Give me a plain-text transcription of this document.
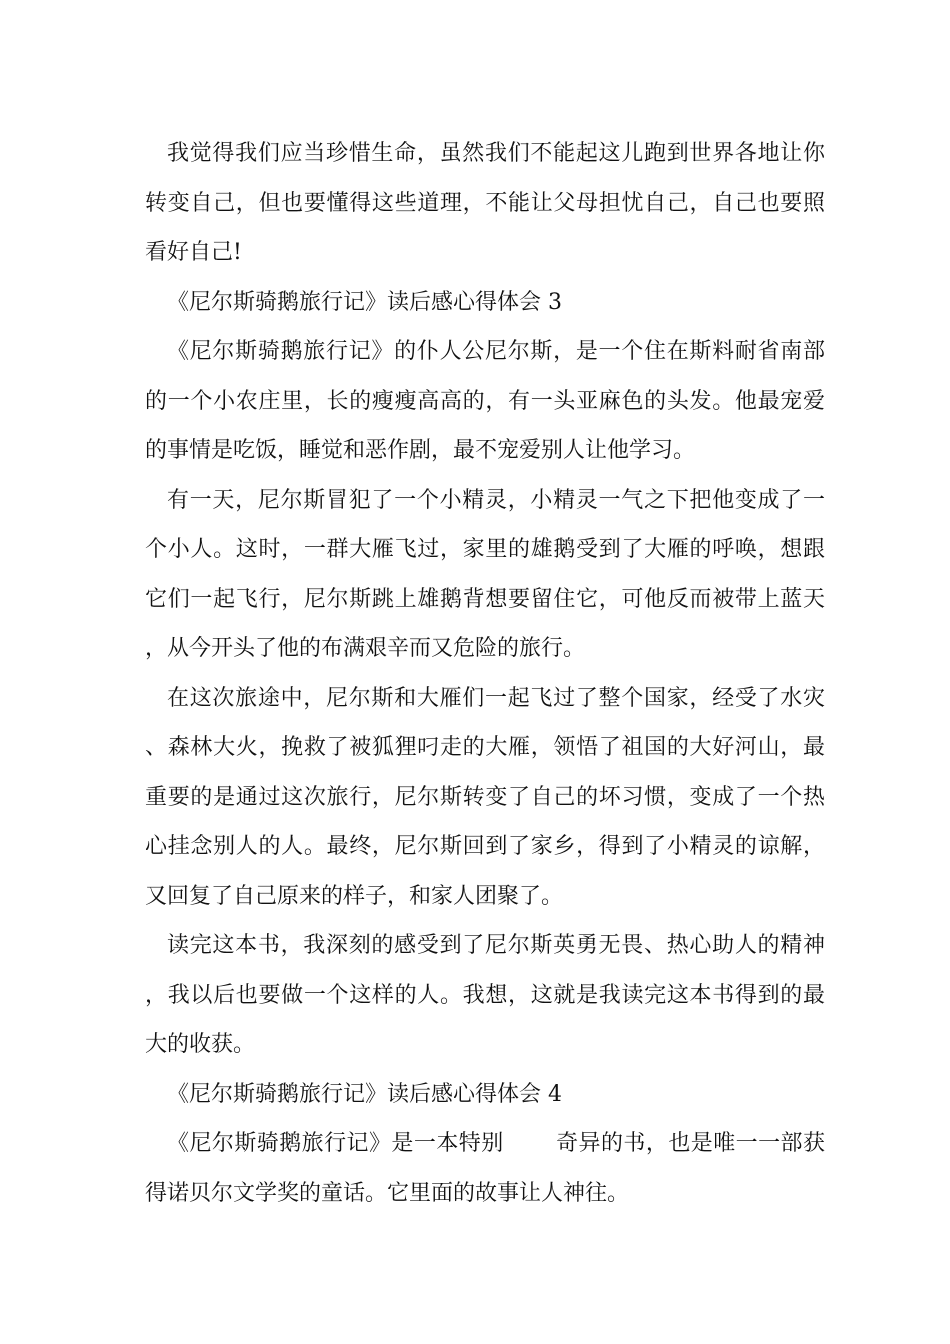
我觉得我们应当珍惜生命，虽然我们不能起这儿跑到世界各地让你转变自己，但也要懂得这些道理，不能让父母担忧自己，自己也要照看好自己!

《尼尔斯骑鹅旅行记》读后感心得体会 3

《尼尔斯骑鹅旅行记》的仆人公尼尔斯，是一个住在斯料耐省南部的一个小农庄里，长的瘦瘦高高的，有一头亚麻色的头发。他最宠爱的事情是吃饭，睡觉和恶作剧，最不宠爱别人让他学习。

有一天，尼尔斯冒犯了一个小精灵，小精灵一气之下把他变成了一个小人。这时，一群大雁飞过，家里的雄鹅受到了大雁的呼唤，想跟它们一起飞行，尼尔斯跳上雄鹅背想要留住它，可他反而被带上蓝天，从今开头了他的布满艰辛而又危险的旅行。

在这次旅途中，尼尔斯和大雁们一起飞过了整个国家，经受了水灾、森林大火，挽救了被狐狸叼走的大雁，领悟了祖国的大好河山，最重要的是通过这次旅行，尼尔斯转变了自己的坏习惯，变成了一个热心挂念别人的人。最终，尼尔斯回到了家乡，得到了小精灵的谅解，又回复了自己原来的样子，和家人团聚了。

读完这本书，我深刻的感受到了尼尔斯英勇无畏、热心助人的精神，我以后也要做一个这样的人。我想，这就是我读完这本书得到的最大的收获。

《尼尔斯骑鹅旅行记》读后感心得体会 4

《尼尔斯骑鹅旅行记》是一本特别 奇异的书，也是唯一一部获得诺贝尔文学奖的童话。它里面的故事让人神往。
